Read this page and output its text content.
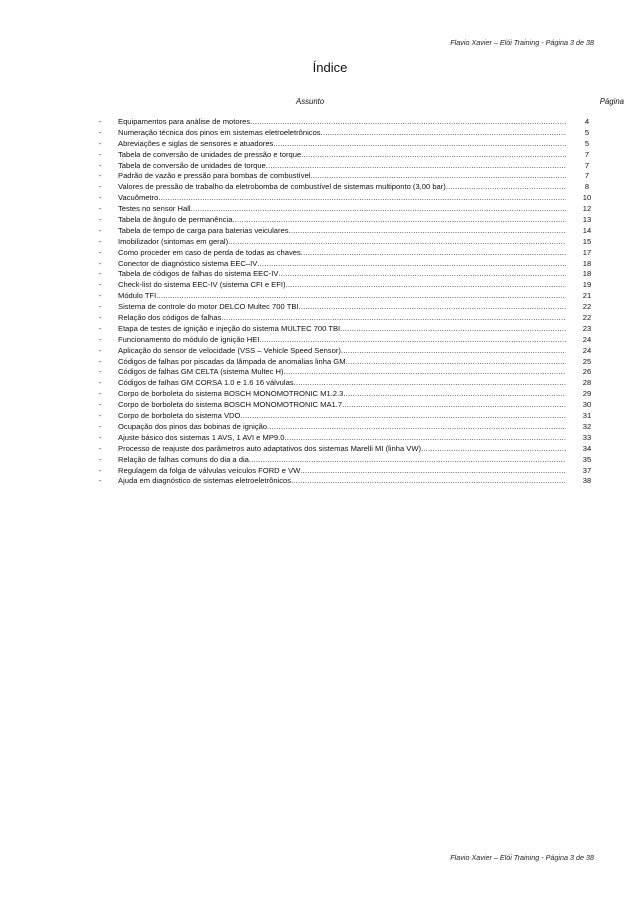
Flavio Xavier – Elói Training - Página 3 de 38
Índice
Assunto	Página
- Equipamentos para análise de motores .....	4
- Numeração técnica dos pinos em sistemas eletroeletrônicos .....	5
- Abreviações e siglas de sensores e atuadores .....	5
- Tabela de conversão de unidades de pressão e torque .....	7
- Tabela de conversão de unidades de torque .....	7
- Padrão de vazão e pressão para bombas de combustível .....	7
- Valores de pressão de trabalho da eletrobomba de combustível de sistemas multiponto (3,00 bar) .....	8
- Vacuômetro .....	10
- Testes no sensor Hall .....	12
- Tabela de ângulo de permanência .....	13
- Tabela de tempo de carga para baterias veiculares .....	14
- Imobilizador (sintomas em geral) .....	15
- Como proceder em caso de perda de todas as chaves .....	17
- Conector de diagnóstico sistema EEC–IV .....	18
- Tabela de códigos de falhas do sistema EEC-IV .....	18
- Check-list do sistema EEC-IV (sistema CFI e EFI) .....	19
- Módulo TFI .....	21
- Sistema de controle do motor DELCO Multec 700 TBI .....	22
- Relação dos códigos de falhas .....	22
- Etapa de testes de ignição e injeção do sistema MULTEC 700 TBI .....	23
- Funcionamento do módulo de ignição HEI .....	24
- Aplicação do sensor de velocidade (VSS – Vehicle Speed Sensor) .....	24
- Códigos de falhas por piscadas da lâmpada de anomalias linha GM .....	25
- Códigos de falhas GM CELTA (sistema Multec H) .....	26
- Códigos de falhas GM CORSA 1.0 e 1.6 16 válvulas .....	28
- Corpo de borboleta do sistema BOSCH MONOMOTRONIC M1.2.3 .....	29
- Corpo de borboleta do sistema BOSCH MONOMOTRONIC MA1.7 .....	30
- Corpo de borboleta do sistema VDO .....	31
- Ocupação dos pinos das bobinas de ignição .....	32
- Ajuste básico dos sistemas 1 AVS, 1 AVI e MP9.0 .....	33
- Processo de reajuste dos parâmetros auto adaptativos dos sistemas Marelli MI (linha VW) .....	34
- Relação de falhas comuns do dia a dia .....	35
- Regulagem da folga de válvulas veículos FORD e VW .....	37
- Ajuda em diagnóstico de sistemas eletroeletrônicos .....	38
Flavio Xavier – Elói Training - Página 3 de 38
